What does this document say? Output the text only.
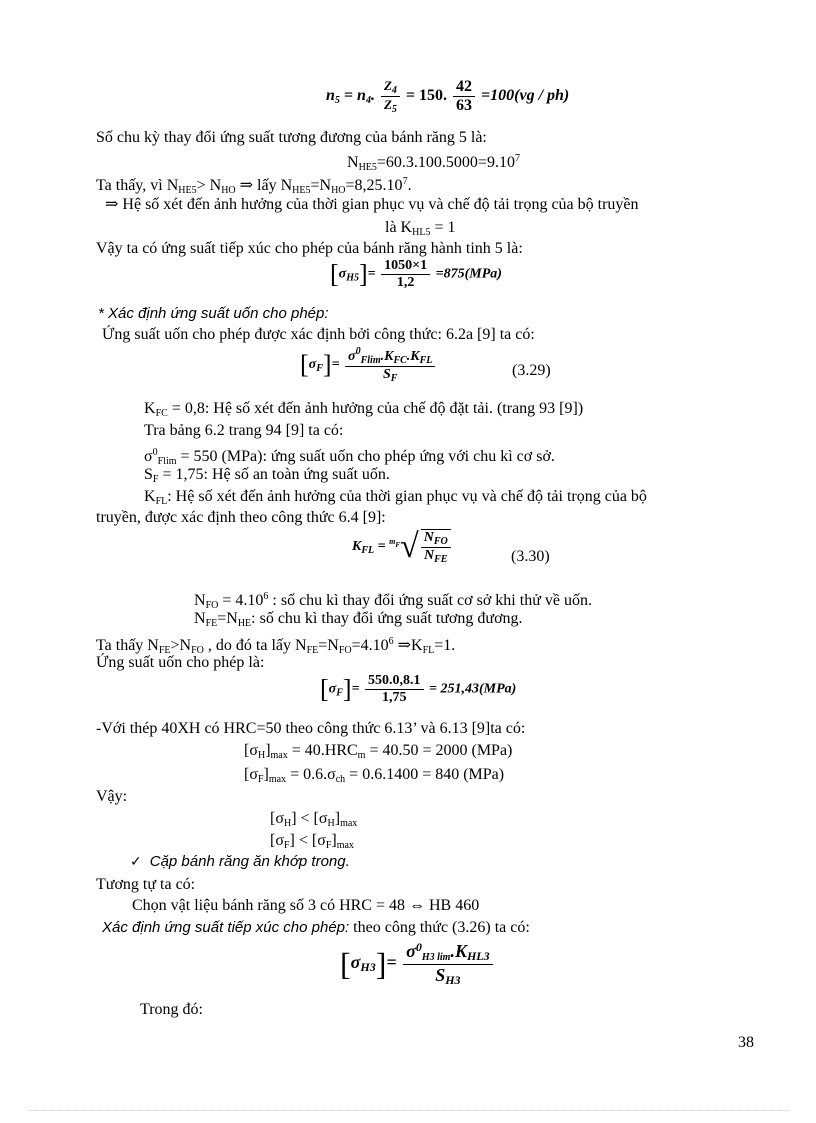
$n_5 = n_4$. $\frac{Z_4}{Z_5} = 150$. $\frac{42}{63} =100(vg / ph)$
Số chu kỳ thay đổi ứng suất tương đương của bánh răng 5 là:
$N_{HE5}=60.3.100.5000=9.10^7$
Ta thấy, vì $N_{HE5}> N_{HO}$ ⇒ lấy $N_{HE5}=N_{HO}=8,25.10^7$.
⇒ Hệ số xét đến ảnh hưởng của thời gian phục vụ và chế độ tải trọng của bộ truyền
là $K_{HL5} = 1$
Vậy ta có ứng suất tiếp xúc cho phép của bánh răng hành tinh 5 là:
$[\sigma_{H5}]= \frac{1050\times 1}{1,2} =875(MPa)$
* Xác định ứng suất uốn cho phép:
Ứng suất uốn cho phép được xác định bởi công thức: 6.2a [9] ta có:
$[\sigma_F]= \frac{\sigma^0_{Flim}.K_{FC}.K_{FL}}{S_F}$	(3.29)
$K_{FC} = 0,8$: Hệ số xét đến ảnh hưởng của chế độ đặt tải. (trang 93 [9])
Tra bảng 6.2 trang 94 [9] ta có:
$\sigma^0_{Flim} = 550$ (MPa): ứng suất uốn cho phép ứng với chu kì cơ sở.
$S_F = 1,75$: Hệ số an toàn ứng suất uốn.
$K_{FL}$: Hệ số xét đến ảnh hưởng của thời gian phục vụ và chế độ tải trọng của bộ
truyền, được xác định theo công thức 6.4 [9]:
$K_{FL} = ^{m_F}√ \frac{N_{FO}}{N_{FE}}$	(3.30)
$N_{FO} = 4.10^6$ : số chu kì thay đổi ứng suất cơ sở khi thử về uốn.
$N_{FE}=N_{HE}$: số chu kì thay đổi ứng suất tương đương.
Ta thấy $N_{FE}>N_{FO}$ , do đó ta lấy $N_{FE}=N_{FO}=4.10^6$ $\Rightarrow K_{FL}=1$.
Ứng suất uốn cho phép là:
$[\sigma_F]= \frac{550.0,8.1}{1,75} = 251,43(MPa)$
-Với thép 40XH có HRC=50 theo công thức 6.13’ và 6.13 [9]ta có:
$[\sigma_H]_{max} = 40.HRC_m = 40.50 = 2000$ (MPa)
$[\sigma_F]_{max} = 0.6.\sigma_{ch} = 0.6.1400 = 840$ (MPa)
Vậy:
$[\sigma_H] < [\sigma_H]_{max}$
$[\sigma_F] < [\sigma_F]_{max}$
✓ Cặp bánh răng ăn khớp trong.
Tương tự ta có:
Chọn vật liệu bánh răng số 3 có HRC = 48 ⇔ HB 460
Xác định ứng suất tiếp xúc cho phép: theo công thức (3.26) ta có:
$[\sigma_{H3}]= \frac{\sigma^0_{H3 lim}.K_{HL3}}{S_{H3}}$
Trong đó:
38
